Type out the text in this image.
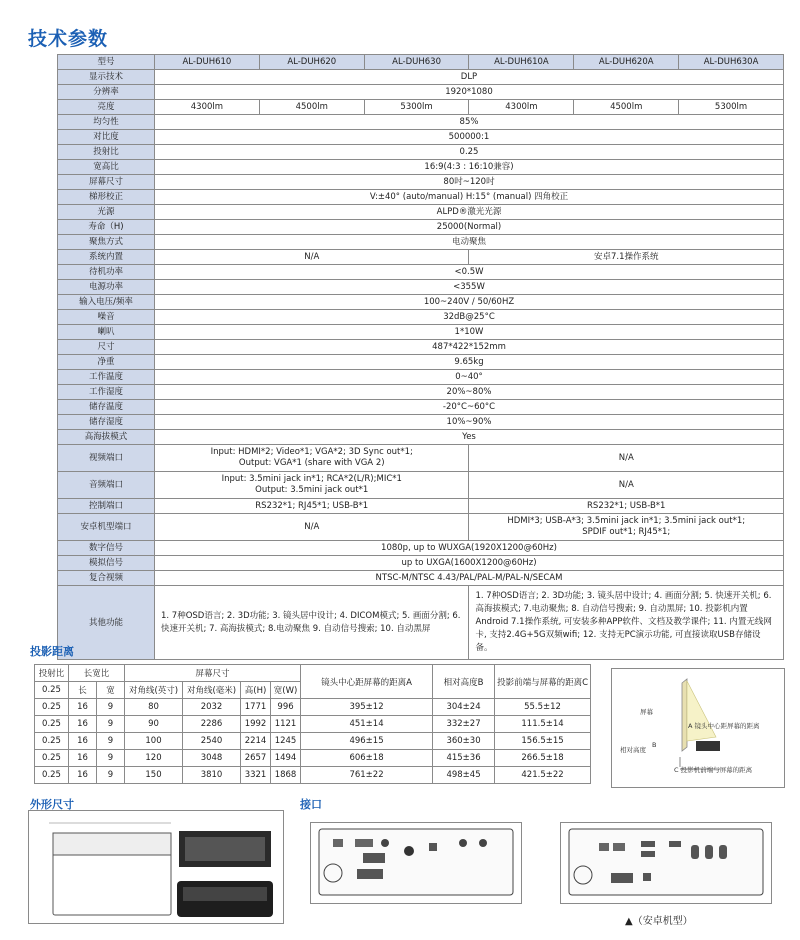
技术参数
型号	AL-DUH610	AL-DUH620	AL-DUH630	AL-DUH610A	AL-DUH620A	AL-DUH630A
显示技术	DLP					
分辨率	1920*1080					
亮度	4300lm	4500lm	5300lm	4300lm	4500lm	5300lm
均匀性	85%					
对比度	500000:1					
投射比	0.25					
宽高比	16:9(4:3 : 16:10兼容)					
屏幕尺寸	80吋~120吋					
梯形校正	V:±40° (auto/manual) H:15° (manual) 四角校正					
光源	ALPD®激光光源					
寿命（H)	25000(Normal)					
聚焦方式	电动聚焦					
系统内置	N/A			安卓7.1操作系统		
待机功率	<0.5W					
电源功率	<355W					
输入电压/频率	100~240V / 50/60HZ					
噪音	32dB@25°C					
喇叭	1*10W					
尺寸	487*422*152mm					
净重	9.65kg					
工作温度	0~40°					
工作湿度	20%~80%					
储存温度	-20°C~60°C					
储存湿度	10%~90%					
高海拔模式	Yes					
视频端口	Input: HDMI*2; Video*1; VGA*2; 3D Sync out*1;
Output: VGA*1 (share with VGA 2)			N/A		
音频端口	Input: 3.5mini jack in*1; RCA*2(L/R);MIC*1
Output: 3.5mini jack out*1			N/A		
控制端口	RS232*1; RJ45*1; USB-B*1			RS232*1; USB-B*1		
安卓机型端口	N/A			HDMI*3; USB-A*3; 3.5mini jack in*1; 3.5mini jack out*1;
SPDIF out*1; RJ45*1;		

数字信号	1080p, up to WUXGA(1920X1200@60Hz)					
模拟信号	up to UXGA(1600X1200@60Hz)					
复合视频	NTSC-M/NTSC 4.43/PAL/PAL-M/PAL-N/SECAM					
其他功能	1. 7种OSD语言; 2. 3D功能; 3. 镜头居中设计; 4. DICOM模式; 5. 画面分割; 6. 快速开关机; 7. 高海拔模式; 8.电动聚焦 9. 自动信号搜索; 10. 自动黑屏			1. 7种OSD语言; 2. 3D功能; 3. 镜头居中设计; 4. 画面分割; 5. 快速开关机; 6. 高海拔模式; 7.电动聚焦; 8. 自动信号搜索; 9. 自动黑屏; 10. 投影机内置 Android 7.1操作系统, 可安装多种APP软件、文档及教学课件; 11. 内置无线网卡, 支持2.4G+5G双频wifi; 12. 支持无PC演示功能, 可直接读取USB存储设备。		
投影距离
投射比	长宽比		屏幕尺寸				镜头中心距屏幕的距离A	相对高度B	投影前端与屏幕的距离C
0.25	长	宽	对角线(英寸)	对角线(毫米)	高(H)	宽(W)			
0.25	16	9	80	2032	1771	996	395±12	304±24	55.5±12
0.25	16	9	90	2286	1992	1121	451±14	332±27	111.5±14
0.25	16	9	100	2540	2214	1245	496±15	360±30	156.5±15
0.25	16	9	120	3048	2657	1494	606±18	415±36	266.5±18
0.25	16	9	150	3810	3321	1868	761±22	498±45	421.5±22
屏幕
A 镜头中心距屏幕的距离
相对高度
B
C 投影机前端与屏幕的距离
外形尺寸	接口
▲（安卓机型）
